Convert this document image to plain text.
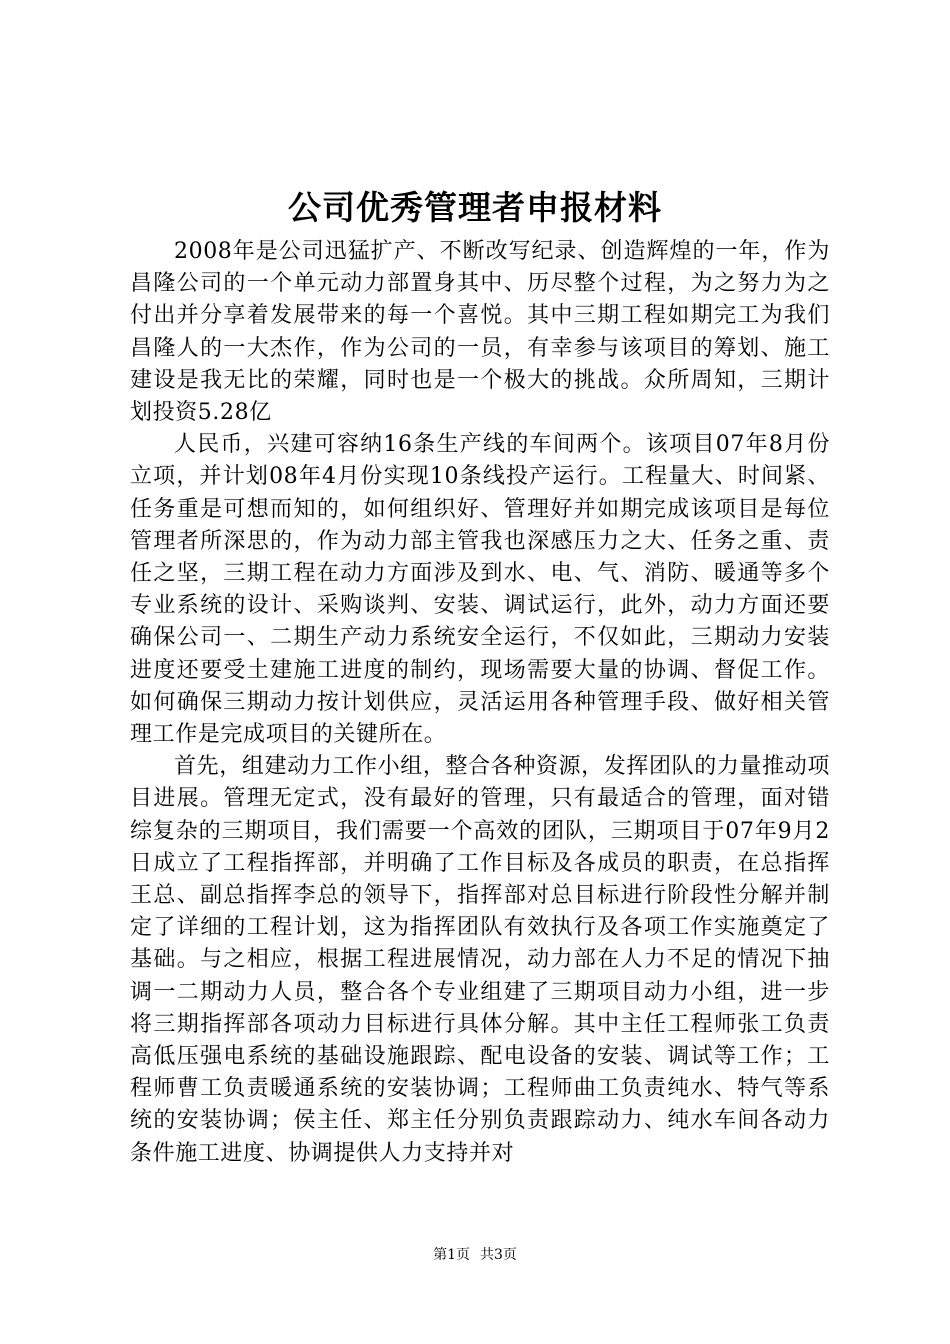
公司优秀管理者申报材料

2008年是公司迅猛扩产、不断改写纪录、创造辉煌的一年，作为昌隆公司的一个单元动力部置身其中、历尽整个过程，为之努力为之付出并分享着发展带来的每一个喜悦。其中三期工程如期完工为我们昌隆人的一大杰作，作为公司的一员，有幸参与该项目的筹划、施工建设是我无比的荣耀，同时也是一个极大的挑战。众所周知，三期计划投资5.28亿

人民币，兴建可容纳16条生产线的车间两个。该项目07年8月份立项，并计划08年4月份实现10条线投产运行。工程量大、时间紧、任务重是可想而知的，如何组织好、管理好并如期完成该项目是每位管理者所深思的，作为动力部主管我也深感压力之大、任务之重、责任之坚，三期工程在动力方面涉及到水、电、气、消防、暖通等多个专业系统的设计、采购谈判、安装、调试运行，此外，动力方面还要确保公司一、二期生产动力系统安全运行，不仅如此，三期动力安装进度还要受土建施工进度的制约，现场需要大量的协调、督促工作。如何确保三期动力按计划供应，灵活运用各种管理手段、做好相关管理工作是完成项目的关键所在。

首先，组建动力工作小组，整合各种资源，发挥团队的力量推动项目进展。管理无定式，没有最好的管理，只有最适合的管理，面对错综复杂的三期项目，我们需要一个高效的团队，三期项目于07年9月2日成立了工程指挥部，并明确了工作目标及各成员的职责，在总指挥王总、副总指挥李总的领导下，指挥部对总目标进行阶段性分解并制定了详细的工程计划，这为指挥团队有效执行及各项工作实施奠定了基础。与之相应，根据工程进展情况，动力部在人力不足的情况下抽调一二期动力人员，整合各个专业组建了三期项目动力小组，进一步将三期指挥部各项动力目标进行具体分解。其中主任工程师张工负责高低压强电系统的基础设施跟踪、配电设备的安装、调试等工作；工程师曹工负责暖通系统的安装协调；工程师曲工负责纯水、特气等系统的安装协调；侯主任、郑主任分别负责跟踪动力、纯水车间各动力条件施工进度、协调提供人力支持并对

第1页 共3页
